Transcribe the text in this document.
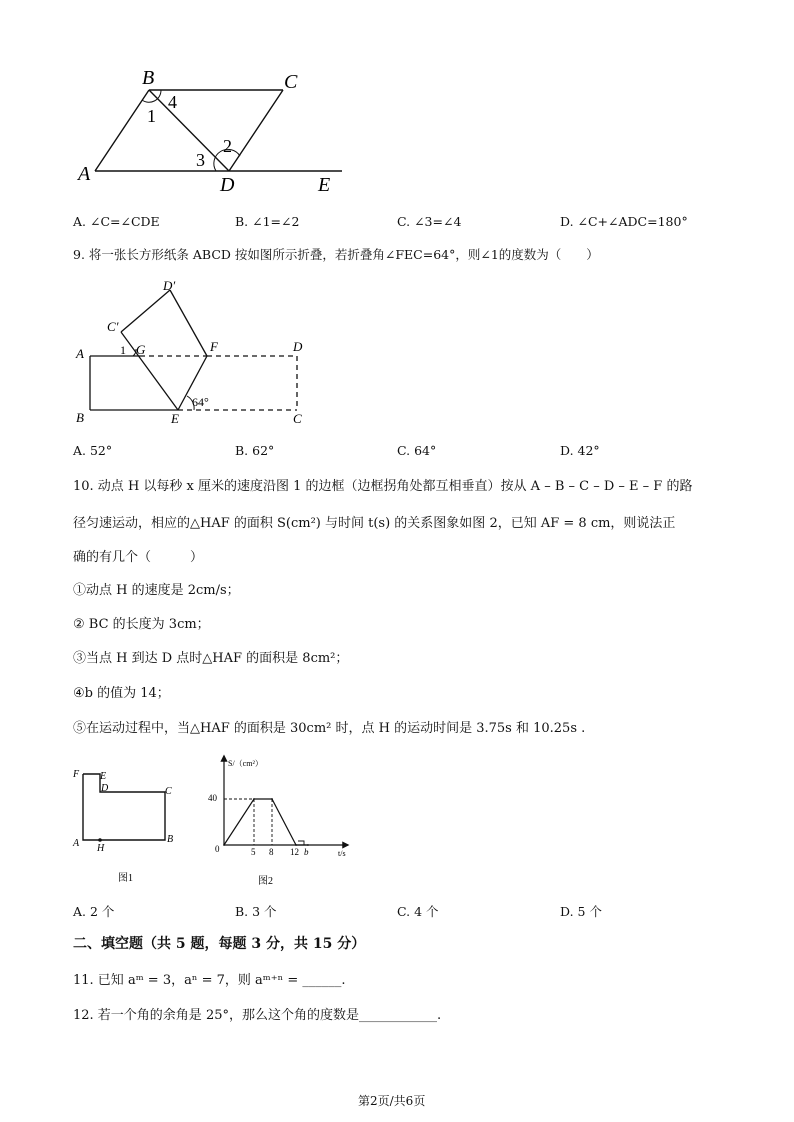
B	C
A	D	E
1
4
3
2
A. ∠C=∠CDE	B. ∠1=∠2	C. ∠3=∠4	D. ∠C+∠ADC=180°
9. 将一张长方形纸条 ABCD 按如图所示折叠，若折叠角∠FEC=64°，则∠1的度数为（　　）
D′
C′
A	1 G	F	D
B	E	C
64°
A. 52°	B. 62°	C. 64°	D. 42°
10. 动点 H 以每秒 x 厘米的速度沿图 1 的边框（边框拐角处都互相垂直）按从 A – B – C – D – E – F 的路
径匀速运动，相应的△HAF 的面积 S(cm²) 与时间 t(s) 的关系图象如图 2，已知 AF = 8 cm，则说法正
确的有几个（　　　）
①动点 H 的速度是 2cm/s；
② BC 的长度为 3cm；
③当点 H 到达 D 点时△HAF 的面积是 8cm²；
④b 的值为 14；
⑤在运动过程中，当△HAF 的面积是 30cm² 时，点 H 的运动时间是 3.75s 和 10.25s .
F E
D	C
A H
B
图1
S/（cm²）
t/s
40
0	5 8 12 b
图2
A. 2 个	B. 3 个	C. 4 个	D. 5 个
二、填空题（共 5 题，每题 3 分，共 15 分）
11. 已知 aᵐ = 3，aⁿ = 7，则 aᵐ⁺ⁿ = ______.
12. 若一个角的余角是 25°，那么这个角的度数是____________.
第2页/共6页
